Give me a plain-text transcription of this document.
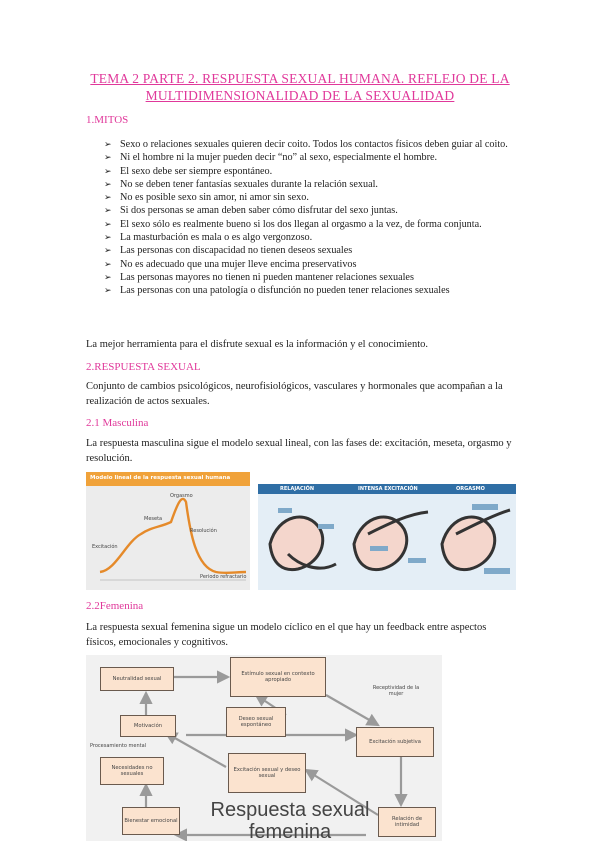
TEMA 2 PARTE 2. RESPUESTA SEXUAL HUMANA. REFLEJO DE LA
MULTIDIMENSIONALIDAD DE LA SEXUALIDAD
1.MITOS
➢ Sexo o relaciones sexuales quieren decir coito. Todos los contactos físicos deben guiar al coito.
➢ Ni el hombre ni la mujer pueden decir “no” al sexo, especialmente el hombre.
➢ El sexo debe ser siempre espontáneo.
➢ No se deben tener fantasías sexuales durante la relación sexual.
➢ No es posible sexo sin amor, ni amor sin sexo.
➢ Si dos personas se aman deben saber cómo disfrutar del sexo juntas.
➢ El sexo sólo es realmente bueno si los dos llegan al orgasmo a la vez, de forma conjunta.
➢ La masturbación es mala o es algo vergonzoso.
➢ Las personas con discapacidad no tienen deseos sexuales
➢ No es adecuado que una mujer lleve encima preservativos
➢ Las personas mayores no tienen ni pueden mantener relaciones sexuales
➢ Las personas con una patología o disfunción no pueden tener relaciones sexuales
La mejor herramienta para el disfrute sexual es la información y el conocimiento.
2.RESPUESTA SEXUAL
Conjunto de cambios psicológicos, neurofisiológicos, vasculares y hormonales que acompañan a la realización de actos sexuales.
2.1 Masculina
La respuesta masculina sigue el modelo sexual lineal, con las fases de: excitación, meseta, orgasmo y resolución.
Modelo lineal de la respuesta sexual humana
Excitación
Meseta
Orgasmo
Resolución
Periodo refractario
RELAJACIÓN	INTENSA EXCITACIÓN	ORGASMO
2.2Femenina
La respuesta sexual femenina sigue un modelo cíclico en el que hay un feedback entre aspectos físicos, emocionales y cognitivos.
Neutralidad sexual
Estímulo sexual en contexto apropiado
Receptividad de la mujer
Motivación
Deseo sexual espontáneo
Excitación subjetiva
Necesidades no sexuales
Excitación sexual y deseo sexual
Relación de intimidad
Bienestar emocional
Procesamiento mental
Respuesta sexual
femenina
